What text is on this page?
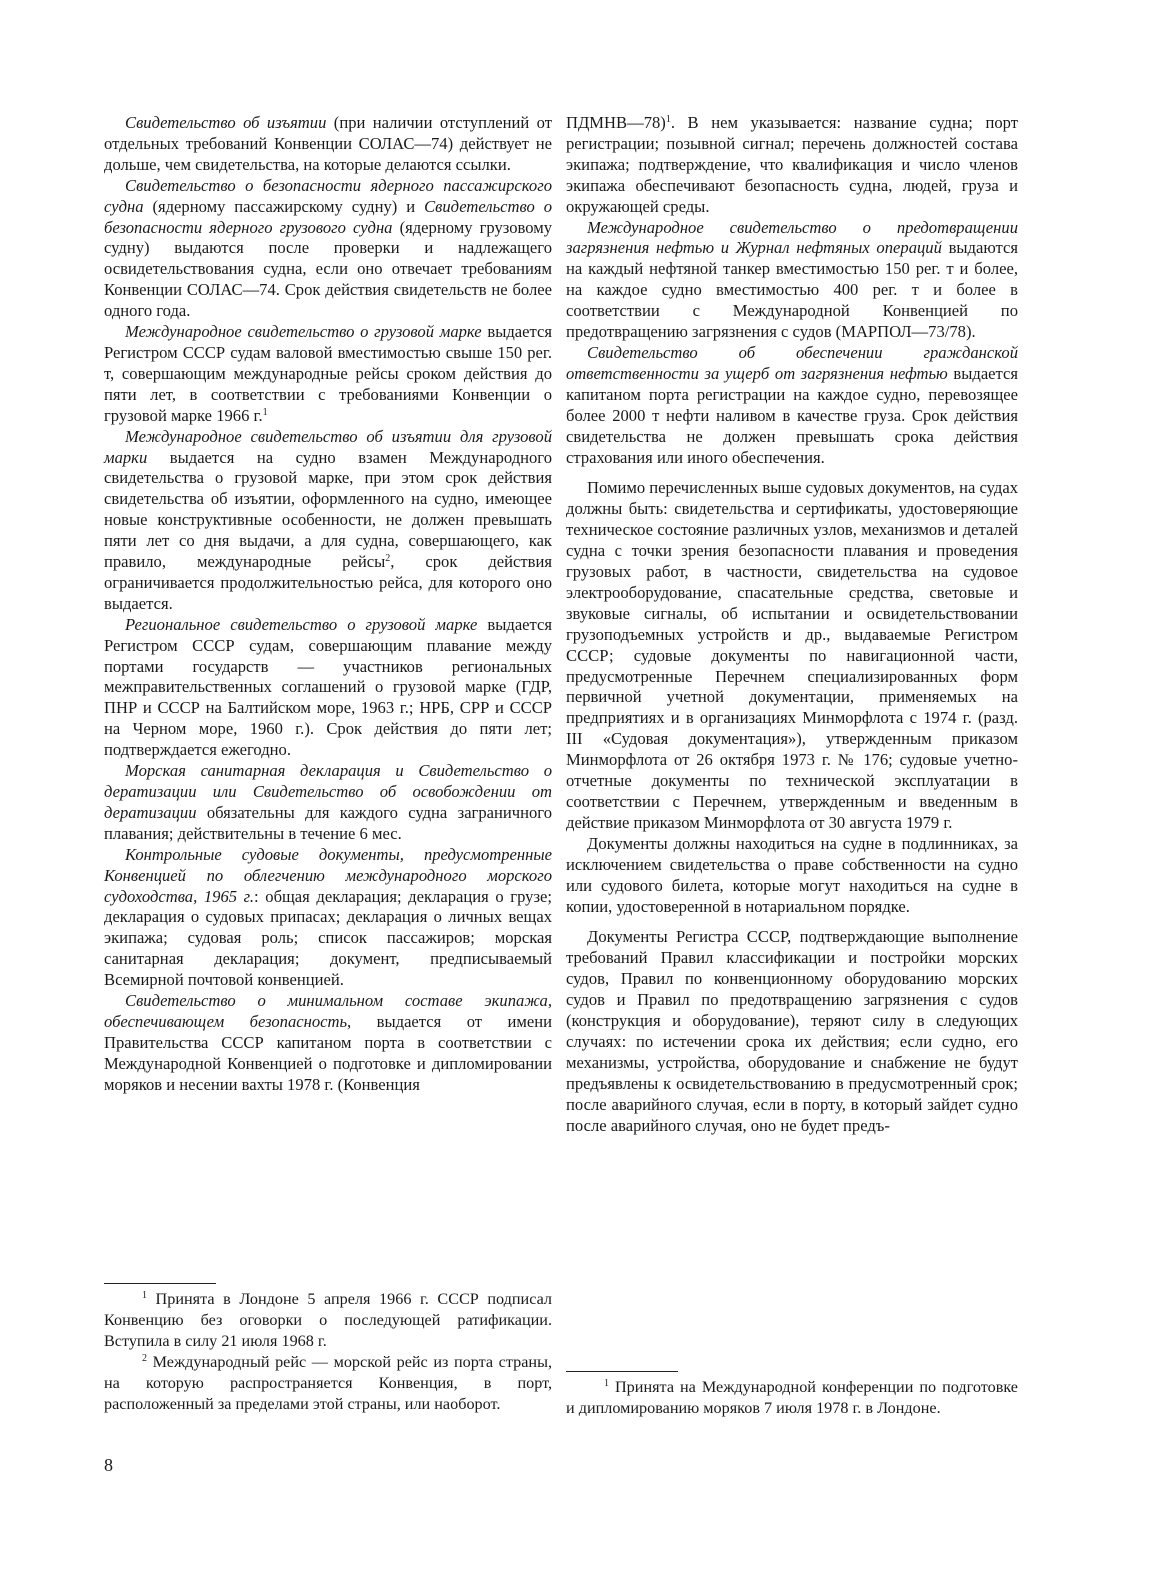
Свидетельство об изъятии (при наличии отступлений от отдельных требований Конвенции СОЛАС—74) действует не дольше, чем свидетельства, на которые делаются ссылки.

Свидетельство о безопасности ядерного пассажирского судна (ядерному пассажирскому судну) и Свидетельство о безопасности ядерного грузового судна (ядерному грузовому судну) выдаются после проверки и надлежащего освидетельствования судна, если оно отвечает требованиям Конвенции СОЛАС—74. Срок действия свидетельств не более одного года.

Международное свидетельство о грузовой марке выдается Регистром СССР судам валовой вместимостью свыше 150 рег. т, совершающим международные рейсы сроком действия до пяти лет, в соответствии с требованиями Конвенции о грузовой марке 1966 г.$^1$

Международное свидетельство об изъятии для грузовой марки выдается на судно взамен Международного свидетельства о грузовой марке, при этом срок действия свидетельства об изъятии, оформленного на судно, имеющее новые конструктивные особенности, не должен превышать пяти лет со дня выдачи, а для судна, совершающего, как правило, международные рейсы$^2$, срок действия ограничивается продолжительностью рейса, для которого оно выдается.

Региональное свидетельство о грузовой марке выдается Регистром СССР судам, совершающим плавание между портами государств — участников региональных межправительственных соглашений о грузовой марке (ГДР, ПНР и СССР на Балтийском море, 1963 г.; НРБ, СРР и СССР на Черном море, 1960 г.). Срок действия до пяти лет; подтверждается ежегодно.

Морская санитарная декларация и Свидетельство о дератизации или Свидетельство об освобождении от дератизации обязательны для каждого судна заграничного плавания; действительны в течение 6 мес.

Контрольные судовые документы, предусмотренные Конвенцией по облегчению международного морского судоходства, 1965 г.: общая декларация; декларация о грузе; декларация о судовых припасах; декларация о личных вещах экипажа; судовая роль; список пассажиров; морская санитарная декларация; документ, предписываемый Всемирной почтовой конвенцией.

Свидетельство о минимальном составе экипажа, обеспечивающем безопасность, выдается от имени Правительства СССР капитаном порта в соответствии с Международной Конвенцией о подготовке и дипломировании моряков и несении вахты 1978 г. (Конвенция

$^1$ Принята в Лондоне 5 апреля 1966 г. СССР подписал Конвенцию без оговорки о последующей ратификации. Вступила в силу 21 июля 1968 г.

$^2$ Международный рейс — морской рейс из порта страны, на которую распространяется Конвенция, в порт, расположенный за пределами этой страны, или наоборот.

ПДМНВ—78)$^1$. В нем указывается: название судна; порт регистрации; позывной сигнал; перечень должностей состава экипажа; подтверждение, что квалификация и число членов экипажа обеспечивают безопасность судна, людей, груза и окружающей среды.

Международное свидетельство о предотвращении загрязнения нефтью и Журнал нефтяных операций выдаются на каждый нефтяной танкер вместимостью 150 рег. т и более, на каждое судно вместимостью 400 рег. т и более в соответствии с Международной Конвенцией по предотвращению загрязнения с судов (МАРПОЛ—73/78).

Свидетельство об обеспечении гражданской ответственности за ущерб от загрязнения нефтью выдается капитаном порта регистрации на каждое судно, перевозящее более 2000 т нефти наливом в качестве груза. Срок действия свидетельства не должен превышать срока действия страхования или иного обеспечения.

Помимо перечисленных выше судовых документов, на судах должны быть: свидетельства и сертификаты, удостоверяющие техническое состояние различных узлов, механизмов и деталей судна с точки зрения безопасности плавания и проведения грузовых работ, в частности, свидетельства на судовое электрооборудование, спасательные средства, световые и звуковые сигналы, об испытании и освидетельствовании грузоподъемных устройств и др., выдаваемые Регистром СССР; судовые документы по навигационной части, предусмотренные Перечнем специализированных форм первичной учетной документации, применяемых на предприятиях и в организациях Минморфлота с 1974 г. (разд. III «Судовая документация»), утвержденным приказом Минморфлота от 26 октября 1973 г. № 176; судовые учетно-отчетные документы по технической эксплуатации в соответствии с Перечнем, утвержденным и введенным в действие приказом Минморфлота от 30 августа 1979 г.

Документы должны находиться на судне в подлинниках, за исключением свидетельства о праве собственности на судно или судового билета, которые могут находиться на судне в копии, удостоверенной в нотариальном порядке.

Документы Регистра СССР, подтверждающие выполнение требований Правил классификации и постройки морских судов, Правил по конвенционному оборудованию морских судов и Правил по предотвращению загрязнения с судов (конструкция и оборудование), теряют силу в следующих случаях: по истечении срока их действия; если судно, его механизмы, устройства, оборудование и снабжение не будут предъявлены к освидетельствованию в предусмотренный срок; после аварийного случая, если в порту, в который зайдет судно после аварийного случая, оно не будет предъ-

$^1$ Принята на Международной конференции по подготовке и дипломированию моряков 7 июля 1978 г. в Лондоне.

8
